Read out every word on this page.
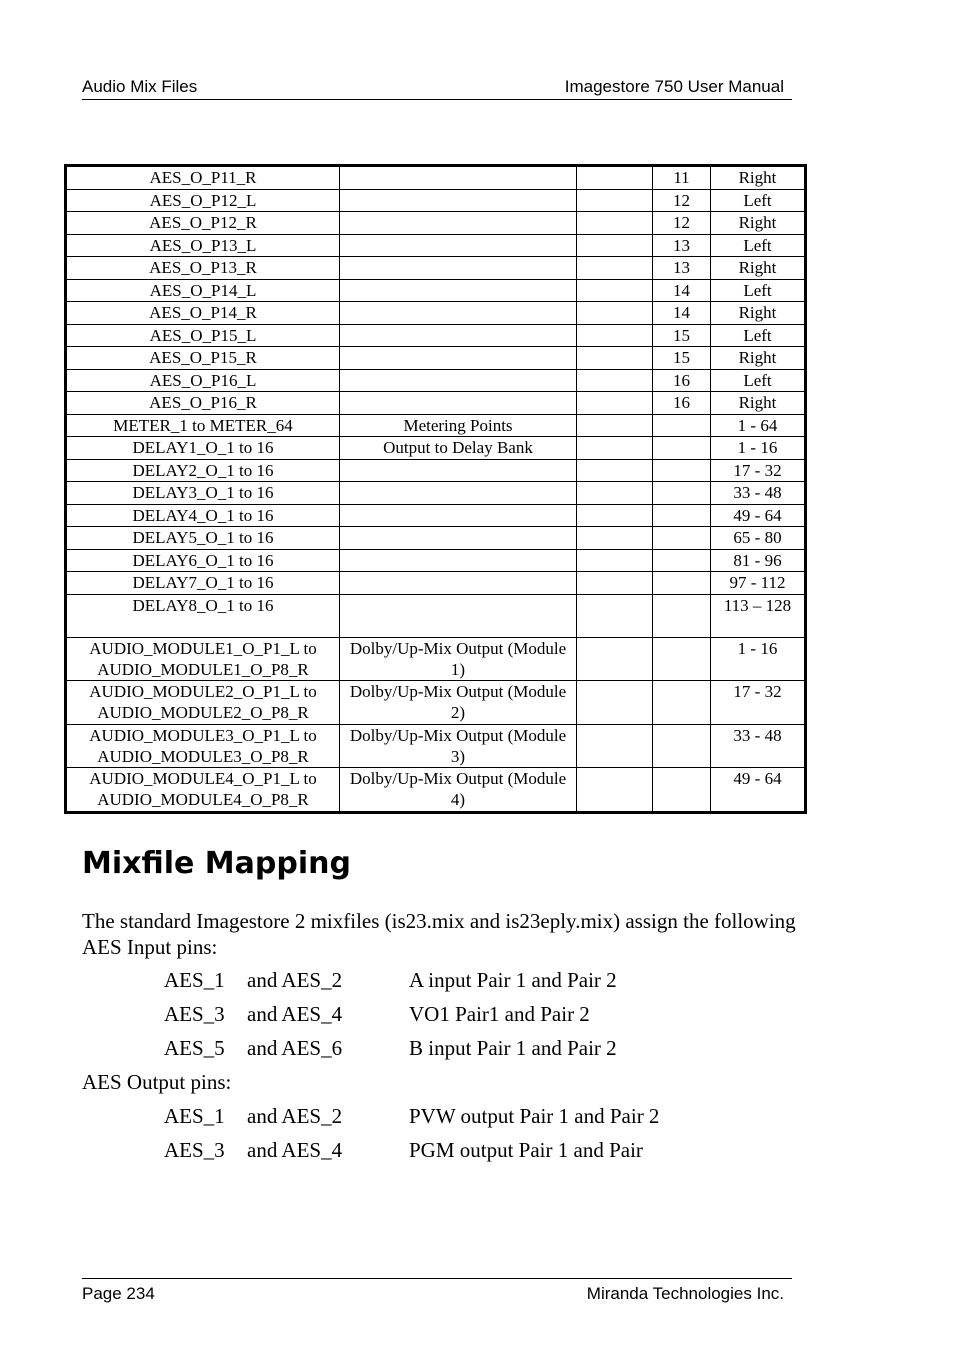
Audio Mix Files	Imagestore 750 User Manual
AES_O_P11_R			11	Right
AES_O_P12_L			12	Left
AES_O_P12_R			12	Right
AES_O_P13_L			13	Left
AES_O_P13_R			13	Right
AES_O_P14_L			14	Left
AES_O_P14_R			14	Right
AES_O_P15_L			15	Left
AES_O_P15_R			15	Right
AES_O_P16_L			16	Left
AES_O_P16_R			16	Right
METER_1 to METER_64	Metering Points			1 - 64
DELAY1_O_1 to 16	Output to Delay Bank			1 - 16
DELAY2_O_1 to 16				17 - 32
DELAY3_O_1 to 16				33 - 48
DELAY4_O_1 to 16				49 - 64
DELAY5_O_1 to 16				65 - 80
DELAY6_O_1 to 16				81 - 96
DELAY7_O_1 to 16				97 - 112
DELAY8_O_1 to 16				113 – 128
AUDIO_MODULE1_O_P1_L to AUDIO_MODULE1_O_P8_R	Dolby/Up-Mix Output (Module 1)			1 - 16
AUDIO_MODULE2_O_P1_L to AUDIO_MODULE2_O_P8_R	Dolby/Up-Mix Output (Module 2)			17 - 32
AUDIO_MODULE3_O_P1_L to AUDIO_MODULE3_O_P8_R	Dolby/Up-Mix Output (Module 3)			33 - 48
AUDIO_MODULE4_O_P1_L to AUDIO_MODULE4_O_P8_R	Dolby/Up-Mix Output (Module 4)			49 - 64
Mixfile Mapping
The standard Imagestore 2 mixfiles (is23.mix and is23eply.mix) assign the following AES Input pins:
AES_1 and AES_2	A input Pair 1 and Pair 2
AES_3 and AES_4	VO1 Pair1 and Pair 2
AES_5 and AES_6	B input Pair 1 and Pair 2
AES Output pins:
AES_1 and AES_2	PVW output Pair 1 and Pair 2
AES_3 and AES_4	PGM output Pair 1 and Pair
Page 234	Miranda Technologies Inc.
